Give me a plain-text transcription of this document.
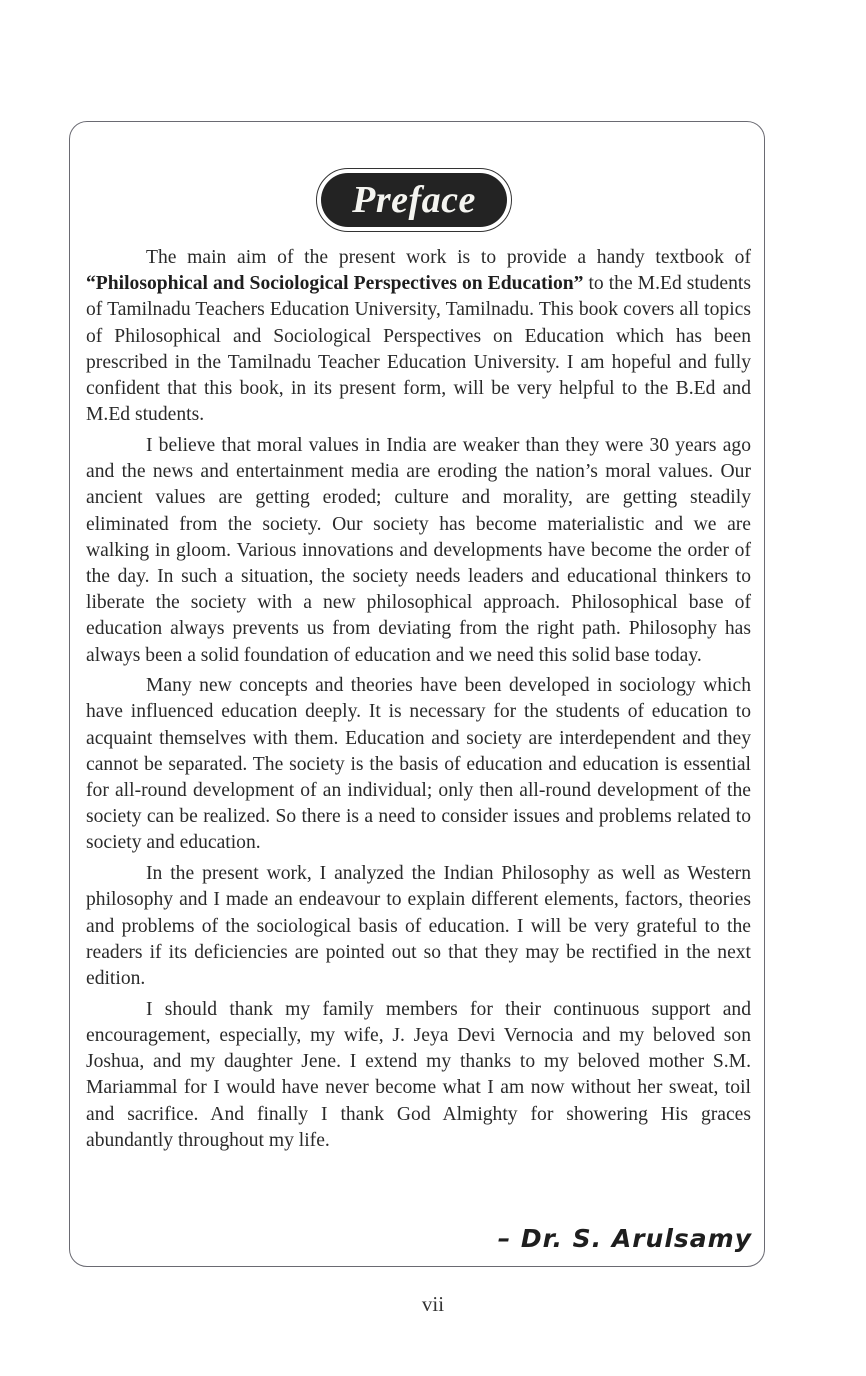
Preface

The main aim of the present work is to provide a handy textbook of “Philosophical and Sociological Perspectives on Education” to the M.Ed students of Tamilnadu Teachers Education University, Tamilnadu. This book covers all topics of Philosophical and Sociological Perspectives on Education which has been prescribed in the Tamilnadu Teacher Education University. I am hopeful and fully confident that this book, in its present form, will be very helpful to the B.Ed and M.Ed students.

I believe that moral values in India are weaker than they were 30 years ago and the news and entertainment media are eroding the nation’s moral values. Our ancient values are getting eroded; culture and morality, are getting steadily eliminated from the society. Our society has become materialistic and we are walking in gloom. Various innovations and developments have become the order of the day. In such a situation, the society needs leaders and educational thinkers to liberate the society with a new philosophical approach. Philosophical base of education always prevents us from deviating from the right path. Philosophy has always been a solid foundation of education and we need this solid base today.

Many new concepts and theories have been developed in sociology which have influenced education deeply. It is necessary for the students of education to acquaint themselves with them. Education and society are interdependent and they cannot be separated. The society is the basis of education and education is essential for all-round development of an individual; only then all-round development of the society can be realized. So there is a need to consider issues and problems related to society and education.

In the present work, I analyzed the Indian Philosophy as well as Western philosophy and I made an endeavour to explain different elements, factors, theories and problems of the sociological basis of education. I will be very grateful to the readers if its deficiencies are pointed out so that they may be rectified in the next edition.

I should thank my family members for their continuous support and encouragement, especially, my wife, J. Jeya Devi Vernocia and my beloved son Joshua, and my daughter Jene. I extend my thanks to my beloved mother S.M. Mariammal for I would have never become what I am now without her sweat, toil and sacrifice. And finally I thank God Almighty for showering His graces abundantly throughout my life.

– Dr. S. Arulsamy
vii
